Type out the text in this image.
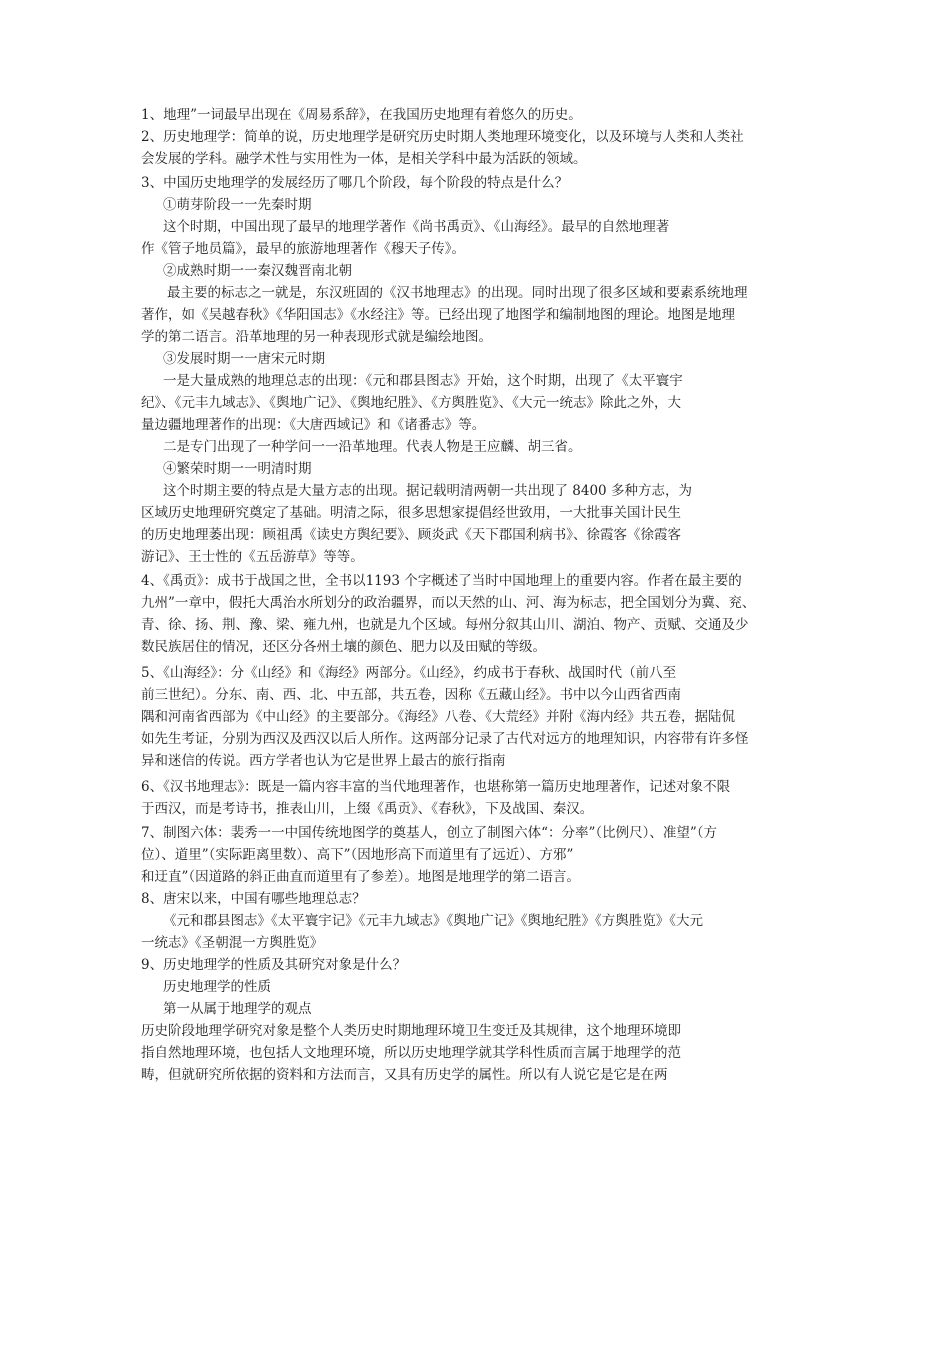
1、地理”一词最早出现在《周易系辞》，在我国历史地理有着悠久的历史。
2、历史地理学：简单的说，历史地理学是研究历史时期人类地理环境变化，以及环境与人类和人类社
会发展的学科。融学术性与实用性为一体，是相关学科中最为活跃的领域。
3、中国历史地理学的发展经历了哪几个阶段，每个阶段的特点是什么？
①萌芽阶段一一先秦时期
这个时期，中国出现了最早的地理学著作《尚书禹贡》、《山海经》。最早的自然地理著
作《管子地员篇》，最早的旅游地理著作《穆天子传》。
②成熟时期一一秦汉魏晋南北朝
最主要的标志之一就是，东汉班固的《汉书地理志》的出现。同时出现了很多区域和要素系统地理
著作，如《吴越春秋》《华阳国志》《水经注》等。已经出现了地图学和编制地图的理论。地图是地理
学的第二语言。沿革地理的另一种表现形式就是编绘地图。
③发展时期一一唐宋元时期
一是大量成熟的地理总志的出现：《元和郡县图志》开始，这个时期，出现了《太平寰宇
纪》、《元丰九域志》、《舆地广记》、《舆地纪胜》、《方舆胜览》、《大元一统志》除此之外，大
量边疆地理著作的出现：《大唐西域记》和《诸番志》等。
二是专门出现了一种学问一一沿革地理。代表人物是王应麟、胡三省。
④繁荣时期一一明清时期
这个时期主要的特点是大量方志的出现。据记载明清两朝一共出现了 8400 多种方志，为
区域历史地理研究奠定了基础。明清之际，很多思想家提倡经世致用，一大批事关国计民生
的历史地理萎出现：顾祖禹《读史方舆纪要》、顾炎武《天下郡国利病书》、徐霞客《徐霞客
游记》、王士性的《五岳游草》等等。
4、《禹贡》：成书于战国之世，全书以1193 个字概述了当时中国地理上的重要内容。作者在最主要的
九州”一章中，假托大禹治水所划分的政治疆界，而以天然的山、河、海为标志，把全国划分为冀、兖、
青、徐、扬、荆、豫、梁、雍九州，也就是九个区域。每州分叙其山川、湖泊、物产、贡赋、交通及少
数民族居住的情况，还区分各州土壤的颜色、肥力以及田赋的等级。
5、《山海经》：分《山经》和《海经》两部分。《山经》，约成书于春秋、战国时代（前八至
前三世纪）。分东、南、西、北、中五部，共五卷，因称《五藏山经》。书中以今山西省西南
隅和河南省西部为《中山经》的主要部分。《海经》八卷、《大荒经》并附《海内经》共五卷，据陆侃
如先生考证，分别为西汉及西汉以后人所作。这两部分记录了古代对远方的地理知识，内容带有许多怪
异和迷信的传说。西方学者也认为它是世界上最古的旅行指南
6、《汉书地理志》：既是一篇内容丰富的当代地理著作，也堪称第一篇历史地理著作，记述对象不限
于西汉，而是考诗书，推表山川，上缀《禹贡》、《春秋》，下及战国、秦汉。
7、制图六体：裴秀一一中国传统地图学的奠基人，创立了制图六体“：分率”（比例尺）、准望”（方
位）、道里”（实际距离里数）、高下”（因地形高下而道里有了远近）、方邪”
和迂直”（因道路的斜正曲直而道里有了参差）。地图是地理学的第二语言。
8、唐宋以来，中国有哪些地理总志？
《元和郡县图志》《太平寰宇记》《元丰九域志》《舆地广记》《舆地纪胜》《方舆胜览》《大元
一统志》《圣朝混一方舆胜览》
9、历史地理学的性质及其研究对象是什么？
历史地理学的性质
第一从属于地理学的观点
历史阶段地理学研究对象是整个人类历史时期地理环境卫生变迁及其规律，这个地理环境即
指自然地理环境，也包括人文地理环境，所以历史地理学就其学科性质而言属于地理学的范
畴，但就研究所依据的资料和方法而言，又具有历史学的属性。所以有人说它是它是在两
